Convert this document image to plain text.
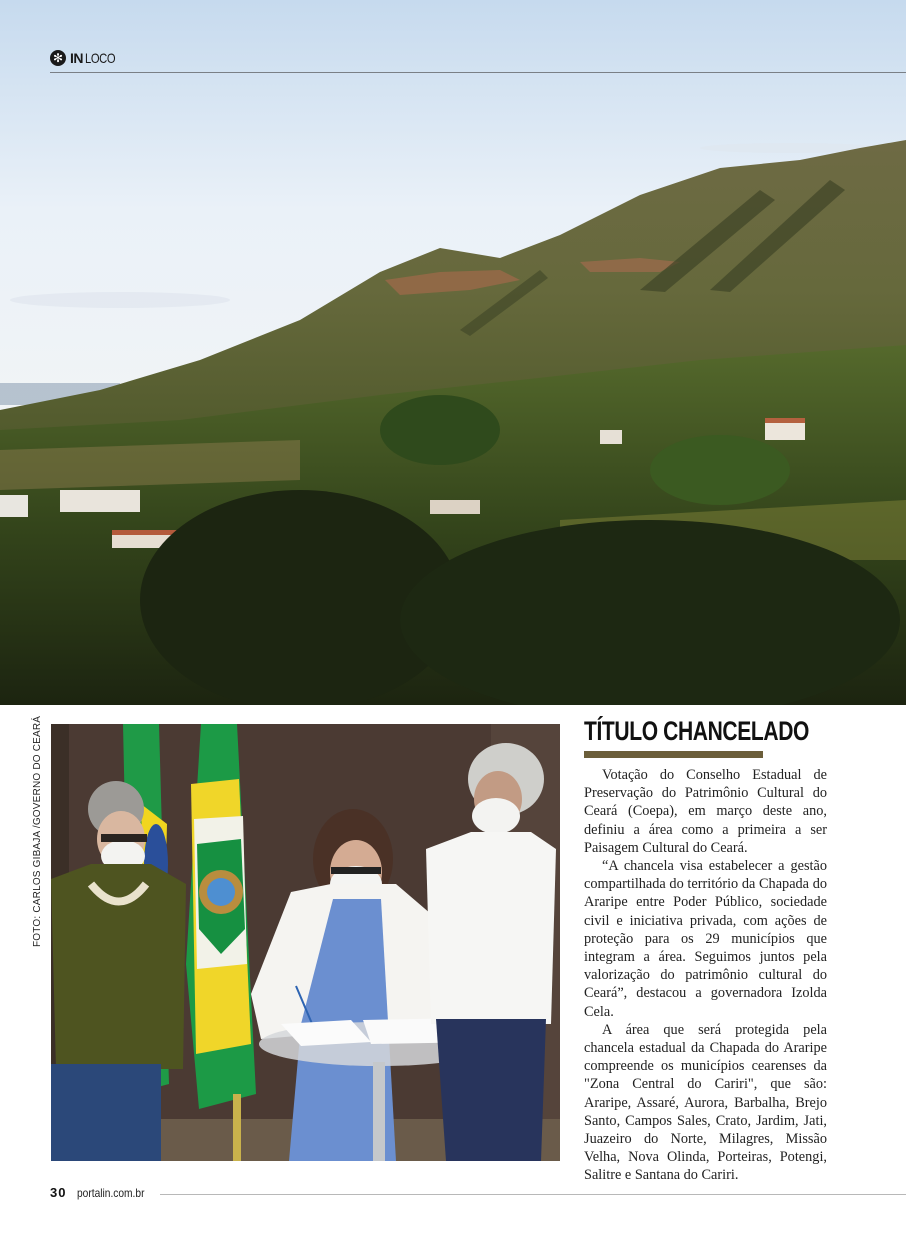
✻ IN LOCO
FOTO: CARLOS GIBAJA /GOVERNO DO CEARÁ	TÍTULO CHANCELADO

Votação do Conselho Estadual de Preservação do Patrimônio Cultural do Ceará (Coepa), em março deste ano, definiu a área como a primeira a ser Paisagem Cultural do Ceará.

“A chancela visa estabelecer a gestão compartilhada do território da Chapada do Araripe entre Poder Público, sociedade civil e iniciativa privada, com ações de proteção para os 29 municípios que integram a área. Seguimos juntos pela valorização do patrimônio cultural do Ceará”, destacou a governadora Izolda Cela.

A área que será protegida pela chancela estadual da Chapada do Araripe compreende os municípios cearenses da "Zona Central do Cariri", que são: Araripe, Assaré, Aurora, Barbalha, Brejo Santo, Campos Sales, Crato, Jardim, Jati, Juazeiro do Norte, Milagres, Missão Velha, Nova Olinda, Porteiras, Potengi, Salitre e Santana do Cariri.

30 portalin.com.br
